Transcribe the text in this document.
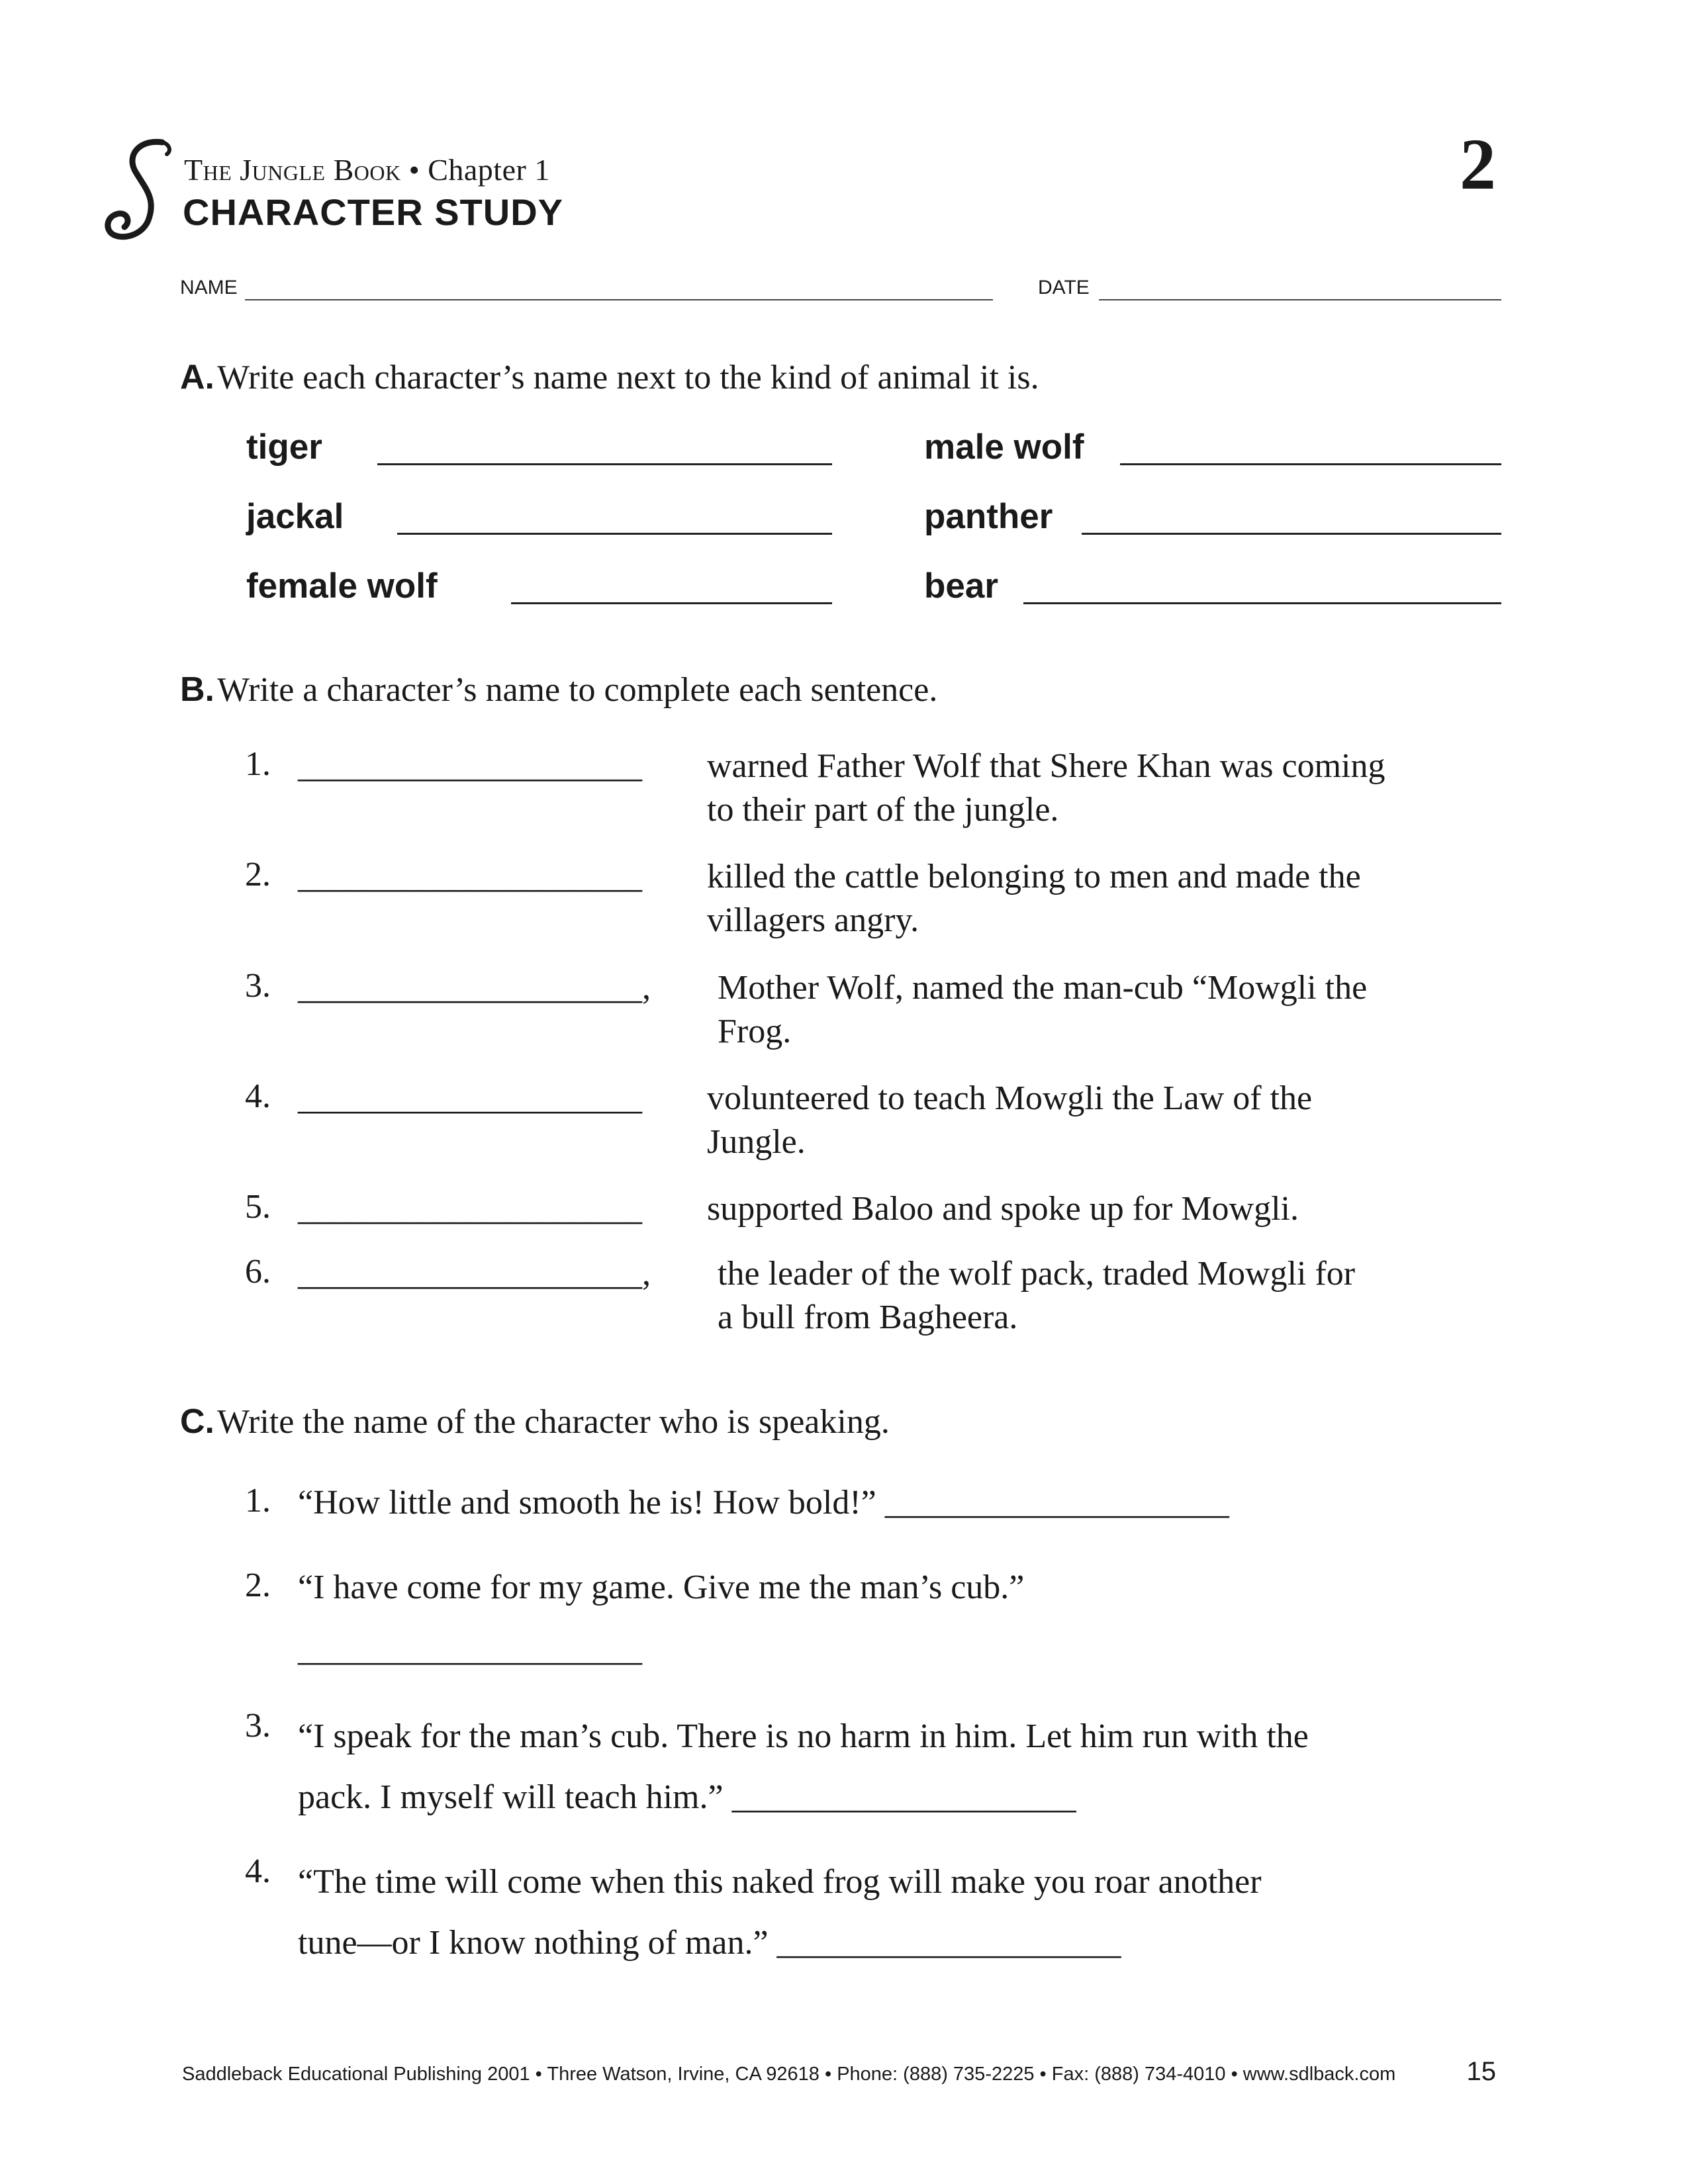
The Jungle Book • Chapter 1
CHARACTER STUDY
2
NAME	DATE
A. Write each character’s name next to the kind of animal it is.
tiger	male wolf
jackal	panther
female wolf	bear
B. Write a character’s name to complete each sentence.
1. ____________________ warned Father Wolf that Shere Khan was coming
to their part of the jungle.
2. ____________________ killed the cattle belonging to men and made the
villagers angry.
3. ____________________, Mother Wolf, named the man-cub “Mowgli the
Frog.
4. ____________________ volunteered to teach Mowgli the Law of the
Jungle.
5. ____________________ supported Baloo and spoke up for Mowgli.
6. ____________________, the leader of the wolf pack, traded Mowgli for
a bull from Bagheera.
C. Write the name of the character who is speaking.
1. “How little and smooth he is! How bold!” ____________________
2. “I have come for my game. Give me the man’s cub.”
____________________
3. “I speak for the man’s cub. There is no harm in him. Let him run with the
pack. I myself will teach him.” ____________________
4. “The time will come when this naked frog will make you roar another
tune—or I know nothing of man.” ____________________
Saddleback Educational Publishing 2001 • Three Watson, Irvine, CA 92618 • Phone: (888) 735-2225 • Fax: (888) 734-4010 • www.sdlback.com	15
